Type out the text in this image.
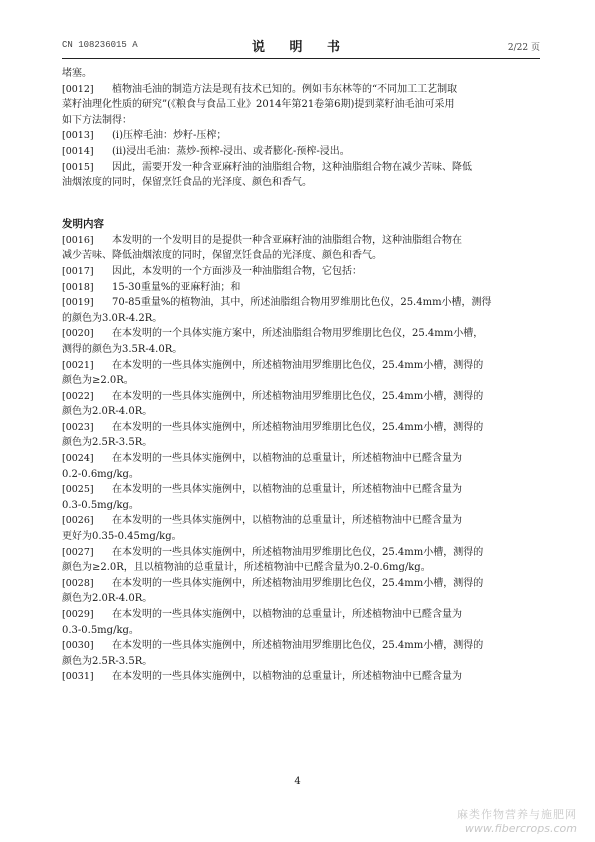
CN 108236015 A	说 明 书	2/22 页
堵塞。
[0012] 植物油毛油的制造方法是现有技术已知的。例如韦东林等的“不同加工工艺制取
菜籽油理化性质的研究”(《粮食与食品工业》2014年第21卷第6期)提到菜籽油毛油可采用
如下方法制得：
[0013] (i)压榨毛油：炒籽-压榨；
[0014] (ii)浸出毛油：蒸炒-预榨-浸出、或者膨化-预榨-浸出。
[0015] 因此，需要开发一种含亚麻籽油的油脂组合物，这种油脂组合物在减少苦味、降低
油烟浓度的同时，保留烹饪食品的光泽度、颜色和香气。
发明内容
[0016] 本发明的一个发明目的是提供一种含亚麻籽油的油脂组合物，这种油脂组合物在
减少苦味、降低油烟浓度的同时，保留烹饪食品的光泽度、颜色和香气。
[0017] 因此，本发明的一个方面涉及一种油脂组合物，它包括：
[0018] 15-30重量%的亚麻籽油；和
[0019] 70-85重量%的植物油，其中，所述油脂组合物用罗维朋比色仪，25.4mm小槽，测得
的颜色为3.0R-4.2R。
[0020] 在本发明的一个具体实施方案中，所述油脂组合物用罗维朋比色仪，25.4mm小槽，
测得的颜色为3.5R-4.0R。
[0021] 在本发明的一些具体实施例中，所述植物油用罗维朋比色仪，25.4mm小槽，测得的
颜色为≥2.0R。
[0022] 在本发明的一些具体实施例中，所述植物油用罗维朋比色仪，25.4mm小槽，测得的
颜色为2.0R-4.0R。
[0023] 在本发明的一些具体实施例中，所述植物油用罗维朋比色仪，25.4mm小槽，测得的
颜色为2.5R-3.5R。
[0024] 在本发明的一些具体实施例中，以植物油的总重量计，所述植物油中已醛含量为
0.2-0.6mg/kg。
[0025] 在本发明的一些具体实施例中，以植物油的总重量计，所述植物油中已醛含量为
0.3-0.5mg/kg。
[0026] 在本发明的一些具体实施例中，以植物油的总重量计，所述植物油中已醛含量为
更好为0.35-0.45mg/kg。
[0027] 在本发明的一些具体实施例中，所述植物油用罗维朋比色仪，25.4mm小槽，测得的
颜色为≥2.0R，且以植物油的总重量计，所述植物油中已醛含量为0.2-0.6mg/kg。
[0028] 在本发明的一些具体实施例中，所述植物油用罗维朋比色仪，25.4mm小槽，测得的
颜色为2.0R-4.0R。
[0029] 在本发明的一些具体实施例中，以植物油的总重量计，所述植物油中已醛含量为
0.3-0.5mg/kg。
[0030] 在本发明的一些具体实施例中，所述植物油用罗维朋比色仪，25.4mm小槽，测得的
颜色为2.5R-3.5R。
[0031] 在本发明的一些具体实施例中，以植物油的总重量计，所述植物油中已醛含量为
4
麻类作物营养与施肥网
www.fibercrops.com
